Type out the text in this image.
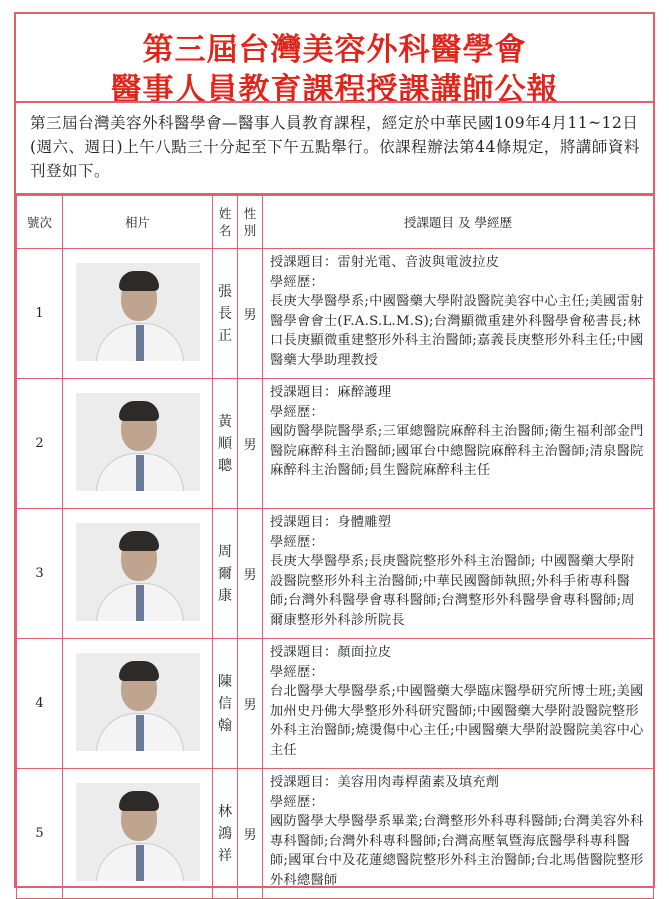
第三屆台灣美容外科醫學會
醫事人員教育課程授課講師公報
第三屆台灣美容外科醫學會—醫事人員教育課程，經定於中華民國109年4月11~12日(週六、週日)上午八點三十分起至下午五點舉行。依課程辦法第44條規定，將講師資料刊登如下。
號次	相片	姓名	性別	授課題目 及 學經歷
1		張長正	男	授課題目：雷射光電、音波與電波拉皮
學經歷：
長庚大學醫學系;中國醫藥大學附設醫院美容中心主任;美國雷射醫學會會士(F.A.S.L.M.S);台灣顯微重建外科醫學會秘書長;林口長庚顯微重建整形外科主治醫師;嘉義長庚整形外科主任;中國醫藥大學助理教授

2		黃順聰	男	授課題目：麻醉護理
學經歷：
國防醫學院醫學系;三軍總醫院麻醉科主治醫師;衛生福利部金門醫院麻醉科主治醫師;國軍台中總醫院麻醉科主治醫師;清泉醫院麻醉科主治醫師;員生醫院麻醉科主任

3		周爾康	男	授課題目：身體雕塑
學經歷：
長庚大學醫學系;長庚醫院整形外科主治醫師; 中國醫藥大學附設醫院整形外科主治醫師;中華民國醫師執照;外科手術專科醫師;台灣外科醫學會專科醫師;台灣整形外科醫學會專科醫師;周爾康整形外科診所院長

4		陳信翰	男	授課題目：顏面拉皮
學經歷：
台北醫學大學醫學系;中國醫藥大學臨床醫學研究所博士班;美國加州史丹佛大學整形外科研究醫師;中國醫藥大學附設醫院整形外科主治醫師;燒燙傷中心主任;中國醫藥大學附設醫院美容中心主任

5		林鴻祥	男	授課題目：美容用肉毒桿菌素及填充劑
學經歷：
國防醫學大學醫學系畢業;台灣整形外科專科醫師;台灣美容外科專科醫師;台灣外科專科醫師;台灣高壓氧暨海底醫學科專科醫師;國軍台中及花蓮總醫院整形外科主治醫師;台北馬偕醫院整形外科總醫師
